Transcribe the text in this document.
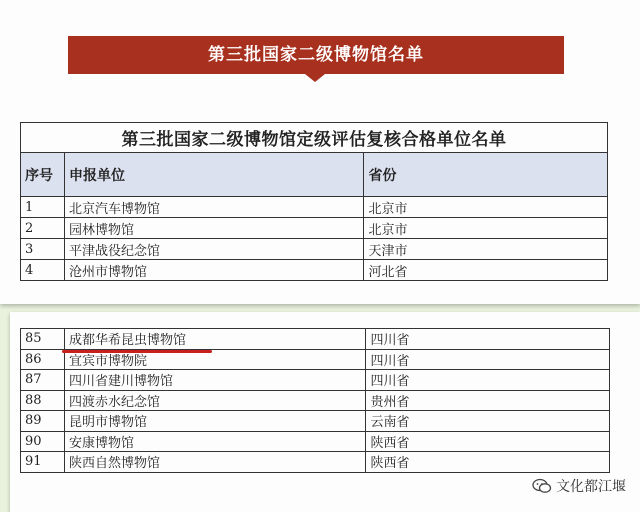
第三批国家二级博物馆名单
第三批国家二级博物馆定级评估复核合格单位名单		
序号	申报单位	省份
1	北京汽车博物馆	北京市
2	园林博物馆	北京市
3	平津战役纪念馆	天津市
4	沧州市博物馆	河北省
85	成都华希昆虫博物馆	四川省
86	宜宾市博物院	四川省
87	四川省建川博物馆	四川省
88	四渡赤水纪念馆	贵州省
89	昆明市博物馆	云南省
90	安康博物馆	陕西省
91	陕西自然博物馆	陕西省
文化都江堰
